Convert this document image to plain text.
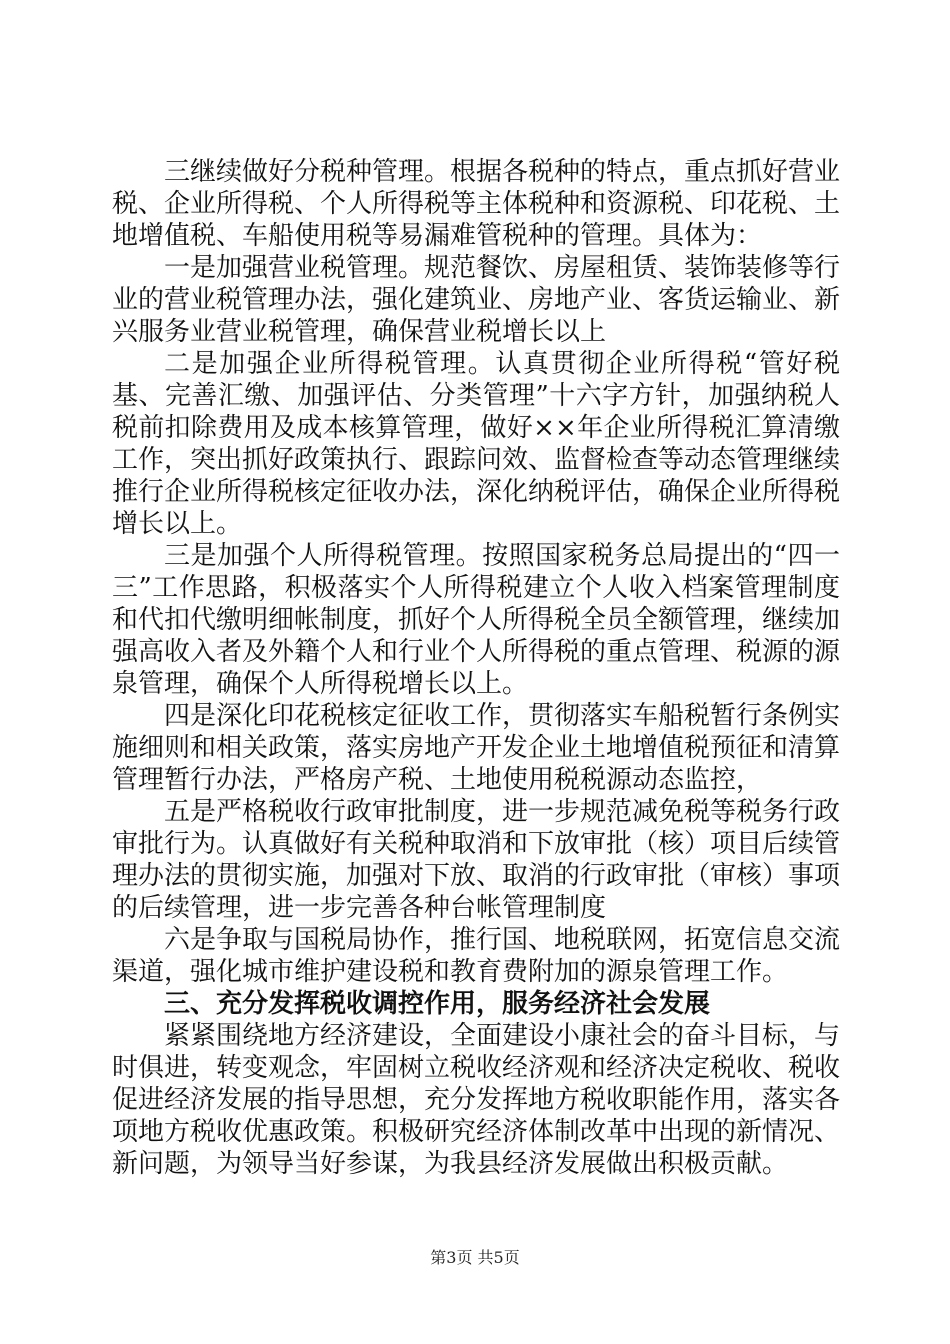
三继续做好分税种管理。根据各税种的特点，重点抓好营业税、企业所得税、个人所得税等主体税种和资源税、印花税、土地增值税、车船使用税等易漏难管税种的管理。具体为：

一是加强营业税管理。规范餐饮、房屋租赁、装饰装修等行业的营业税管理办法，强化建筑业、房地产业、客货运输业、新兴服务业营业税管理，确保营业税增长以上

二是加强企业所得税管理。认真贯彻企业所得税“管好税基、完善汇缴、加强评估、分类管理”十六字方针，加强纳税人税前扣除费用及成本核算管理，做好××年企业所得税汇算清缴工作，突出抓好政策执行、跟踪问效、监督检查等动态管理继续推行企业所得税核定征收办法，深化纳税评估，确保企业所得税增长以上。

三是加强个人所得税管理。按照国家税务总局提出的“四一三”工作思路，积极落实个人所得税建立个人收入档案管理制度和代扣代缴明细帐制度，抓好个人所得税全员全额管理，继续加强高收入者及外籍个人和行业个人所得税的重点管理、税源的源泉管理，确保个人所得税增长以上。

四是深化印花税核定征收工作，贯彻落实车船税暂行条例实施细则和相关政策，落实房地产开发企业土地增值税预征和清算管理暂行办法，严格房产税、土地使用税税源动态监控，

五是严格税收行政审批制度，进一步规范减免税等税务行政审批行为。认真做好有关税种取消和下放审批（核）项目后续管理办法的贯彻实施，加强对下放、取消的行政审批（审核）事项的后续管理，进一步完善各种台帐管理制度

六是争取与国税局协作，推行国、地税联网，拓宽信息交流渠道，强化城市维护建设税和教育费附加的源泉管理工作。

三、充分发挥税收调控作用，服务经济社会发展

紧紧围绕地方经济建设，全面建设小康社会的奋斗目标，与时俱进，转变观念，牢固树立税收经济观和经济决定税收、税收促进经济发展的指导思想，充分发挥地方税收职能作用，落实各项地方税收优惠政策。积极研究经济体制改革中出现的新情况、新问题，为领导当好参谋，为我县经济发展做出积极贡献。

第3页 共5页
